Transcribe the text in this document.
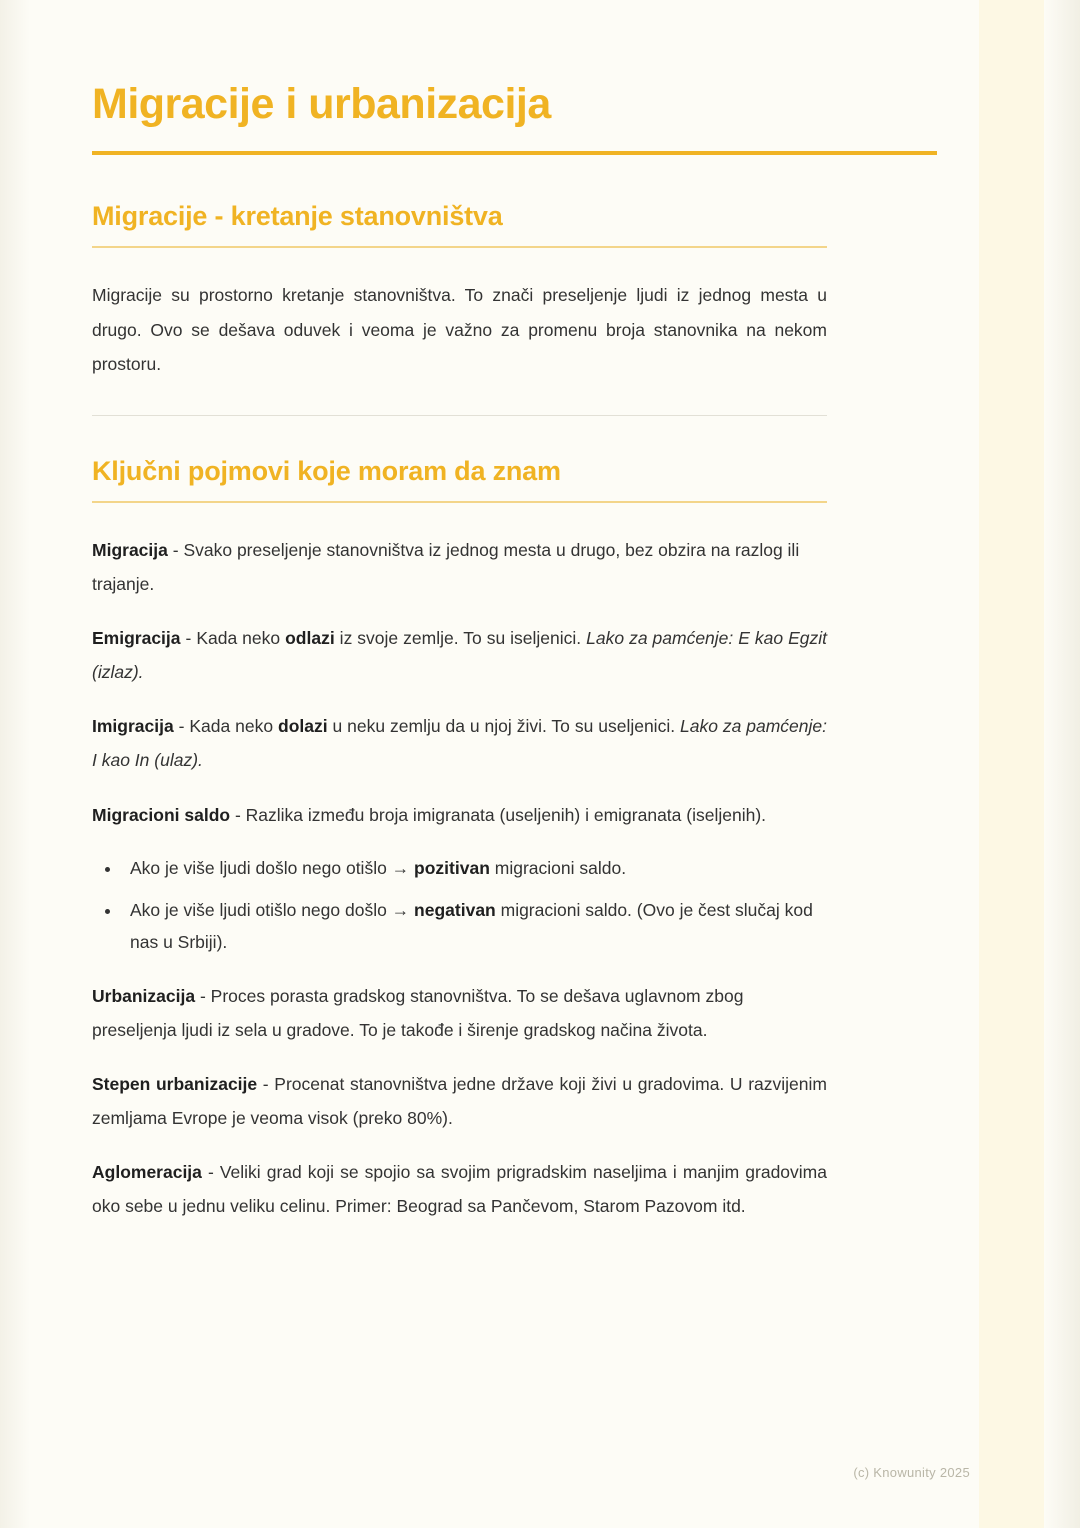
Migracije i urbanizacija
Migracije - kretanje stanovništva

Migracije su prostorno kretanje stanovništva. To znači preseljenje ljudi iz jednog mesta u drugo. Ovo se dešava oduvek i veoma je važno za promenu broja stanovnika na nekom prostoru.

Ključni pojmovi koje moram da znam

Migracija - Svako preseljenje stanovništva iz jednog mesta u drugo, bez obzira na razlog ili trajanje.

Emigracija - Kada neko odlazi iz svoje zemlje. To su iseljenici. Lako za pamćenje: E kao Egzit (izlaz).

Imigracija - Kada neko dolazi u neku zemlju da u njoj živi. To su useljenici. Lako za pamćenje: I kao In (ulaz).

Migracioni saldo - Razlika između broja imigranata (useljenih) i emigranata (iseljenih).

• Ako je više ljudi došlo nego otišlo → pozitivan migracioni saldo.
• Ako je više ljudi otišlo nego došlo → negativan migracioni saldo. (Ovo je čest slučaj kod nas u Srbiji).

Urbanizacija - Proces porasta gradskog stanovništva. To se dešava uglavnom zbog preseljenja ljudi iz sela u gradove. To je takođe i širenje gradskog načina života.

Stepen urbanizacije - Procenat stanovništva jedne države koji živi u gradovima. U razvijenim zemljama Evrope je veoma visok (preko 80%).

Aglomeracija - Veliki grad koji se spojio sa svojim prigradskim naseljima i manjim gradovima oko sebe u jednu veliku celinu. Primer: Beograd sa Pančevom, Starom Pazovom itd.

(c) Knowunity 2025
